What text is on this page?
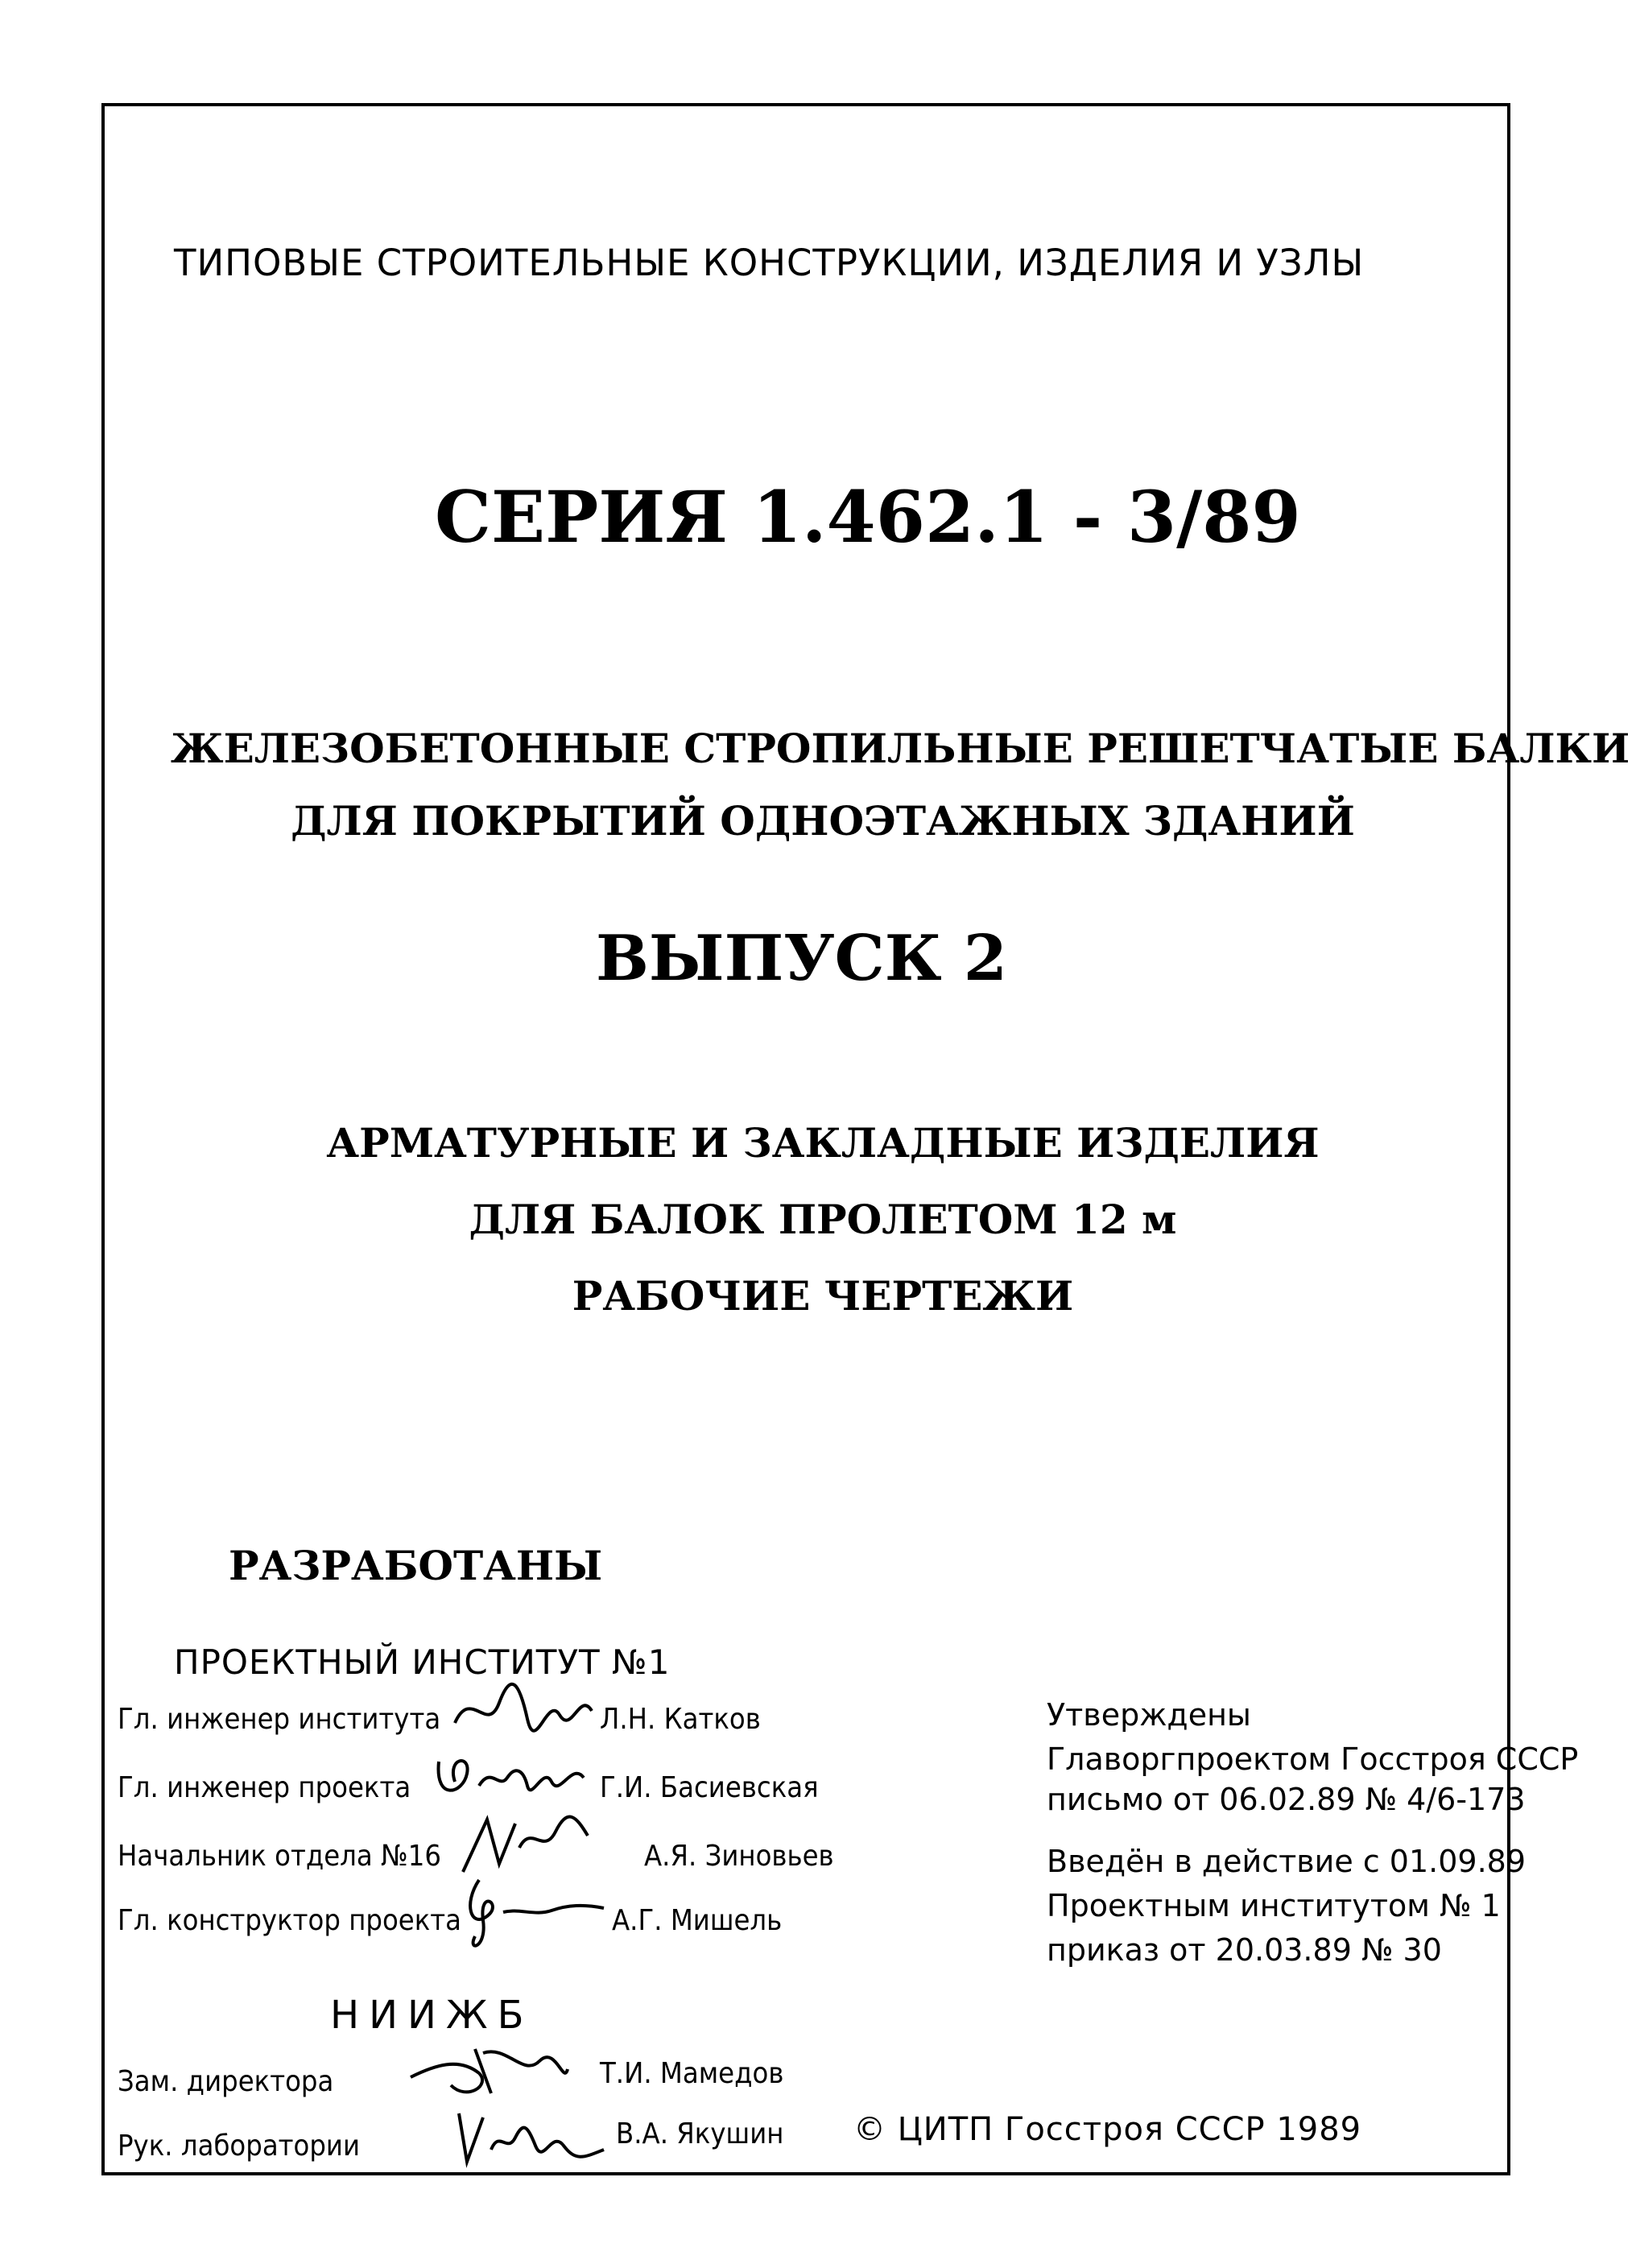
ТИПОВЫЕ СТРОИТЕЛЬНЫЕ КОНСТРУКЦИИ, ИЗДЕЛИЯ И УЗЛЫ
СЕРИЯ 1.462.1 - 3/89
ЖЕЛЕЗОБЕТОННЫЕ СТРОПИЛЬНЫЕ РЕШЕТЧАТЫЕ БАЛКИ
ДЛЯ ПОКРЫТИЙ ОДНОЭТАЖНЫХ ЗДАНИЙ
ВЫПУСК 2
АРМАТУРНЫЕ И ЗАКЛАДНЫЕ ИЗДЕЛИЯ
ДЛЯ БАЛОК ПРОЛЕТОМ 12 м
РАБОЧИЕ ЧЕРТЕЖИ
РАЗРАБОТАНЫ
ПРОЕКТНЫЙ ИНСТИТУТ №1
Гл. инженер института	Л.Н. Катков
Гл. инженер проекта	Г.И. Басиевская
Начальник отдела №16	А.Я. Зиновьев
Гл. конструктор проекта	А.Г. Мишель
НИИЖБ
Зам. директора	Т.И. Мамедов
Рук. лаборатории	В.А. Якушин
Утверждены
Главоргпроектом Госстроя СССР
письмо от 06.02.89 № 4/6-173
Введён в действие с 01.09.89
Проектным институтом № 1
приказ от 20.03.89 № 30
© ЦИТП Госстроя СССР 1989
